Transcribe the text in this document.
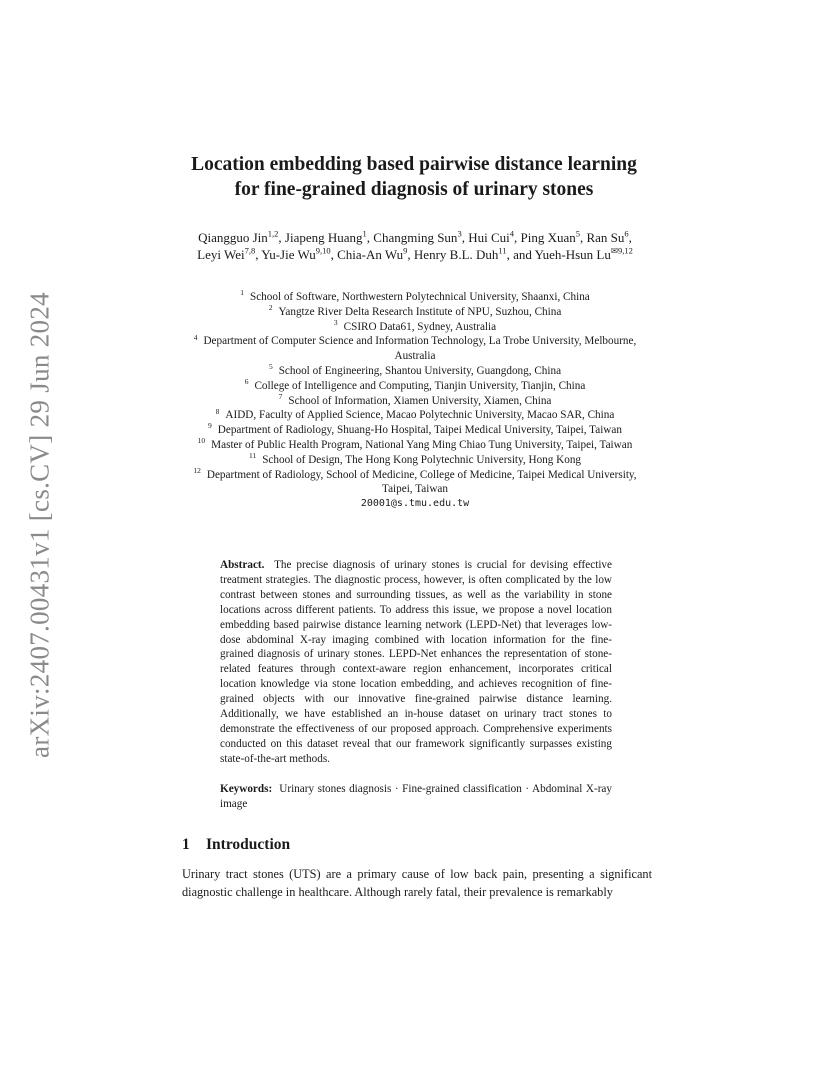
arXiv:2407.00431v1 [cs.CV] 29 Jun 2024
Location embedding based pairwise distance learning
for fine-grained diagnosis of urinary stones
Qiangguo Jin$^{1,2}$, Jiapeng Huang$^1$, Changming Sun$^3$, Hui Cui$^4$, Ping Xuan$^5$, Ran Su$^6$,
Leyi Wei$^{7,8}$, Yu-Jie Wu$^{9,10}$, Chia-An Wu$^9$, Henry B.L. Duh$^{11}$, and Yueh-Hsun $Lu^{✉9,12}$
$^1$ School of Software, Northwestern Polytechnical University, Shaanxi, China
$^2$ Yangtze River Delta Research Institute of NPU, Suzhou, China
$^3$ CSIRO Data61, Sydney, Australia
$^4$ Department of Computer Science and Information Technology, La Trobe University, Melbourne, Australia
$^5$ School of Engineering, Shantou University, Guangdong, China
$^6$ College of Intelligence and Computing, Tianjin University, Tianjin, China
$^7$ School of Information, Xiamen University, Xiamen, China
$^8$ AIDD, Faculty of Applied Science, Macao Polytechnic University, Macao SAR, China
$^9$ Department of Radiology, Shuang-Ho Hospital, Taipei Medical University, Taipei, Taiwan
$^{10}$ Master of Public Health Program, National Yang Ming Chiao Tung University, Taipei, Taiwan
$^{11}$ School of Design, The Hong Kong Polytechnic University, Hong Kong
$^{12}$ Department of Radiology, School of Medicine, College of Medicine, Taipei Medical University, Taipei, Taiwan
20001@s.tmu.edu.tw
Abstract. The precise diagnosis of urinary stones is crucial for devising effective treatment strategies. The diagnostic process, however, is often complicated by the low contrast between stones and surrounding tissues, as well as the variability in stone locations across different patients. To address this issue, we propose a novel location embedding based pairwise distance learning network (LEPD-Net) that leverages low-dose abdominal X-ray imaging combined with location information for the fine-grained diagnosis of urinary stones. LEPD-Net enhances the representation of stone-related features through context-aware region enhancement, incorporates critical location knowledge via stone location embedding, and achieves recognition of fine-grained objects with our innovative fine-grained pairwise distance learning. Additionally, we have established an in-house dataset on urinary tract stones to demonstrate the effectiveness of our proposed approach. Comprehensive experiments conducted on this dataset reveal that our framework significantly surpasses existing state-of-the-art methods.
Keywords: Urinary stones diagnosis · Fine-grained classification · Abdominal X-ray image
1 Introduction
Urinary tract stones (UTS) are a primary cause of low back pain, presenting a significant diagnostic challenge in healthcare. Although rarely fatal, their prevalence is remarkably
